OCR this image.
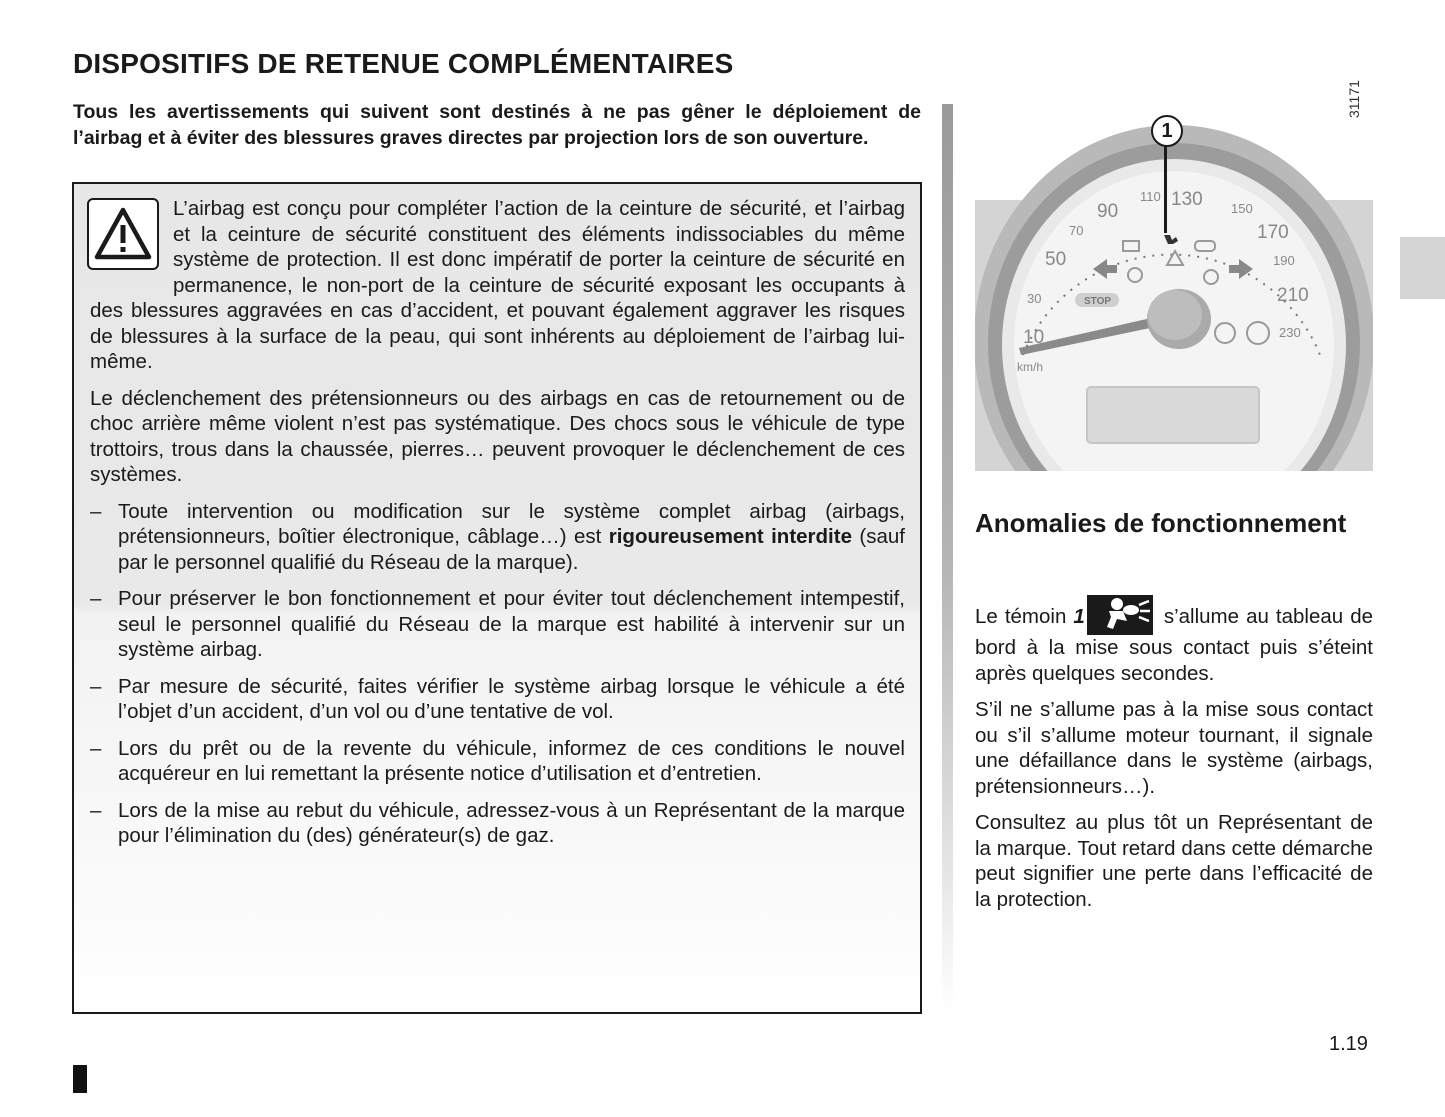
DISPOSITIFS DE RETENUE COMPLÉMENTAIRES

Tous les avertissements qui suivent sont destinés à ne pas gêner le déploiement de l’airbag et à éviter des blessures graves directes par projection lors de son ouverture.

L’airbag est conçu pour compléter l’action de la ceinture de sécurité, et l’airbag et la ceinture de sécurité constituent des éléments indissociables du même système de protection. Il est donc impératif de porter la ceinture de sécurité en permanence, le non-port de la ceinture de sécurité exposant les occupants à des blessures aggravées en cas d’accident, et pouvant également aggraver les risques de blessures à la surface de la peau, qui sont inhérents au déploiement de l’airbag lui-même.

Le déclenchement des prétensionneurs ou des airbags en cas de retournement ou de choc arrière même violent n’est pas systématique. Des chocs sous le véhicule de type trottoirs, trous dans la chaussée, pierres… peuvent provoquer le déclenchement de ces systèmes.

– Toute intervention ou modification sur le système complet airbag (airbags, prétensionneurs, boîtier électronique, câblage…) est rigoureusement interdite (sauf par le personnel qualifié du Réseau de la marque).
– Pour préserver le bon fonctionnement et pour éviter tout déclenchement intempestif, seul le personnel qualifié du Réseau de la marque est habilité à intervenir sur un système airbag.
– Par mesure de sécurité, faites vérifier le système airbag lorsque le véhicule a été l’objet d’un accident, d’un vol ou d’une tentative de vol.
– Lors du prêt ou de la revente du véhicule, informez de ces conditions le nouvel acquéreur en lui remettant la présente notice d’utilisation et d’entretien.
– Lors de la mise au rebut du véhicule, adressez-vous à un Représentant de la marque pour l’élimination du (des) générateur(s) de gaz.
10
30
50
70
90
110 130 150
170
190
210
230
km/h
STOP
31171
1
Anomalies de fonctionnement

Le témoin 1	s’allume au tableau de bord à la mise sous contact puis s’éteint après quelques secondes.

S’il ne s’allume pas à la mise sous contact ou s’il s’allume moteur tournant, il signale une défaillance dans le système (airbags, prétensionneurs…).

Consultez au plus tôt un Représentant de la marque. Tout retard dans cette démarche peut signifier une perte dans l’efficacité de la protection.

1.19
